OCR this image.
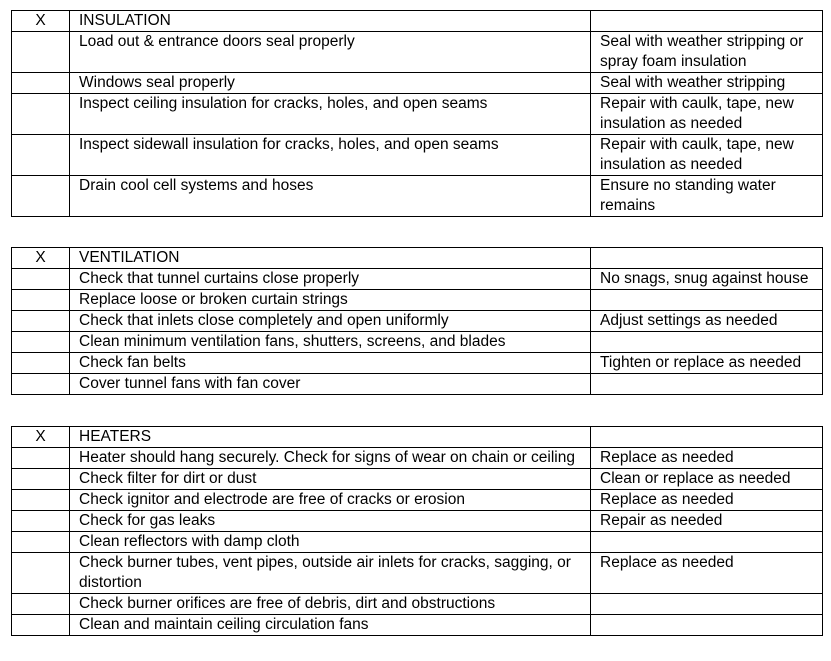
X	INSULATION	
	Load out & entrance doors seal properly	Seal with weather stripping or spray foam insulation
	Windows seal properly	Seal with weather stripping
	Inspect ceiling insulation for cracks, holes, and open seams	Repair with caulk, tape, new insulation as needed
	Inspect sidewall insulation for cracks, holes, and open seams	Repair with caulk, tape, new insulation as needed
	Drain cool cell systems and hoses	Ensure no standing water remains
X	VENTILATION	
	Check that tunnel curtains close properly	No snags, snug against house
	Replace loose or broken curtain strings	
	Check that inlets close completely and open uniformly	Adjust settings as needed
	Clean minimum ventilation fans, shutters, screens, and blades	
	Check fan belts	Tighten or replace as needed
	Cover tunnel fans with fan cover	
X	HEATERS	
	Heater should hang securely. Check for signs of wear on chain or ceiling	Replace as needed
	Check filter for dirt or dust	Clean or replace as needed
	Check ignitor and electrode are free of cracks or erosion	Replace as needed
	Check for gas leaks	Repair as needed
	Clean reflectors with damp cloth	
	Check burner tubes, vent pipes, outside air inlets for cracks, sagging, or distortion	Replace as needed
	Check burner orifices are free of debris, dirt and obstructions	
	Clean and maintain ceiling circulation fans	
